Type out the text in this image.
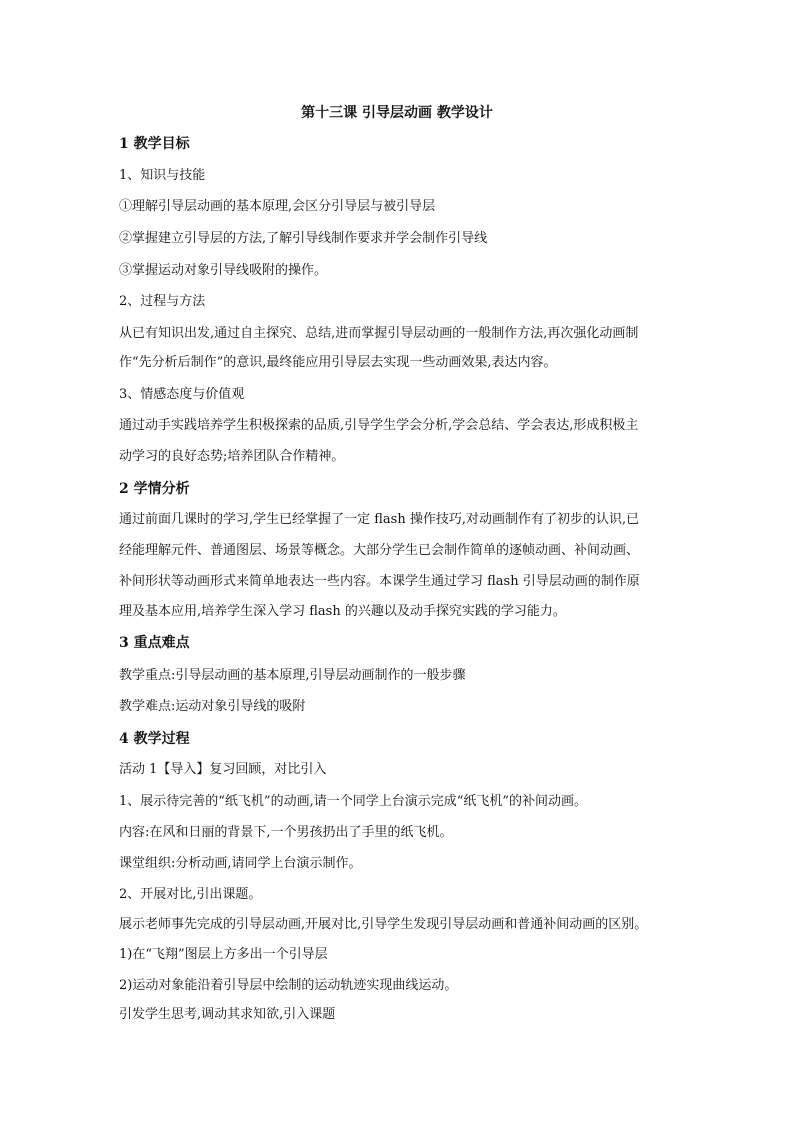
第十三课 引导层动画 教学设计
1 教学目标
1、知识与技能
①理解引导层动画的基本原理,会区分引导层与被引导层
②掌握建立引导层的方法,了解引导线制作要求并学会制作引导线
③掌握运动对象引导线吸附的操作。
2、过程与方法
从已有知识出发,通过自主探究、总结,进而掌握引导层动画的一般制作方法,再次强化动画制
作“先分析后制作”的意识,最终能应用引导层去实现一些动画效果,表达内容。
3、情感态度与价值观
通过动手实践培养学生积极探索的品质,引导学生学会分析,学会总结、学会表达,形成积极主
动学习的良好态势;培养团队合作精神。
2 学情分析
通过前面几课时的学习,学生已经掌握了一定 flash 操作技巧,对动画制作有了初步的认识,已
经能理解元件、普通图层、场景等概念。大部分学生已会制作简单的逐帧动画、补间动画、
补间形状等动画形式来简单地表达一些内容。本课学生通过学习 flash 引导层动画的制作原
理及基本应用,培养学生深入学习 flash 的兴趣以及动手探究实践的学习能力。
3 重点难点
教学重点:引导层动画的基本原理,引导层动画制作的一般步骤
教学难点:运动对象引导线的吸附
4 教学过程
活动 1【导入】复习回顾，对比引入
1、展示待完善的“纸飞机”的动画,请一个同学上台演示完成“纸飞机”的补间动画。
内容:在风和日丽的背景下,一个男孩扔出了手里的纸飞机。
课堂组织:分析动画,请同学上台演示制作。
2、开展对比,引出课题。
展示老师事先完成的引导层动画,开展对比,引导学生发现引导层动画和普通补间动画的区别。
1)在“飞翔”图层上方多出一个引导层
2)运动对象能沿着引导层中绘制的运动轨迹实现曲线运动。
引发学生思考,调动其求知欲,引入课题
